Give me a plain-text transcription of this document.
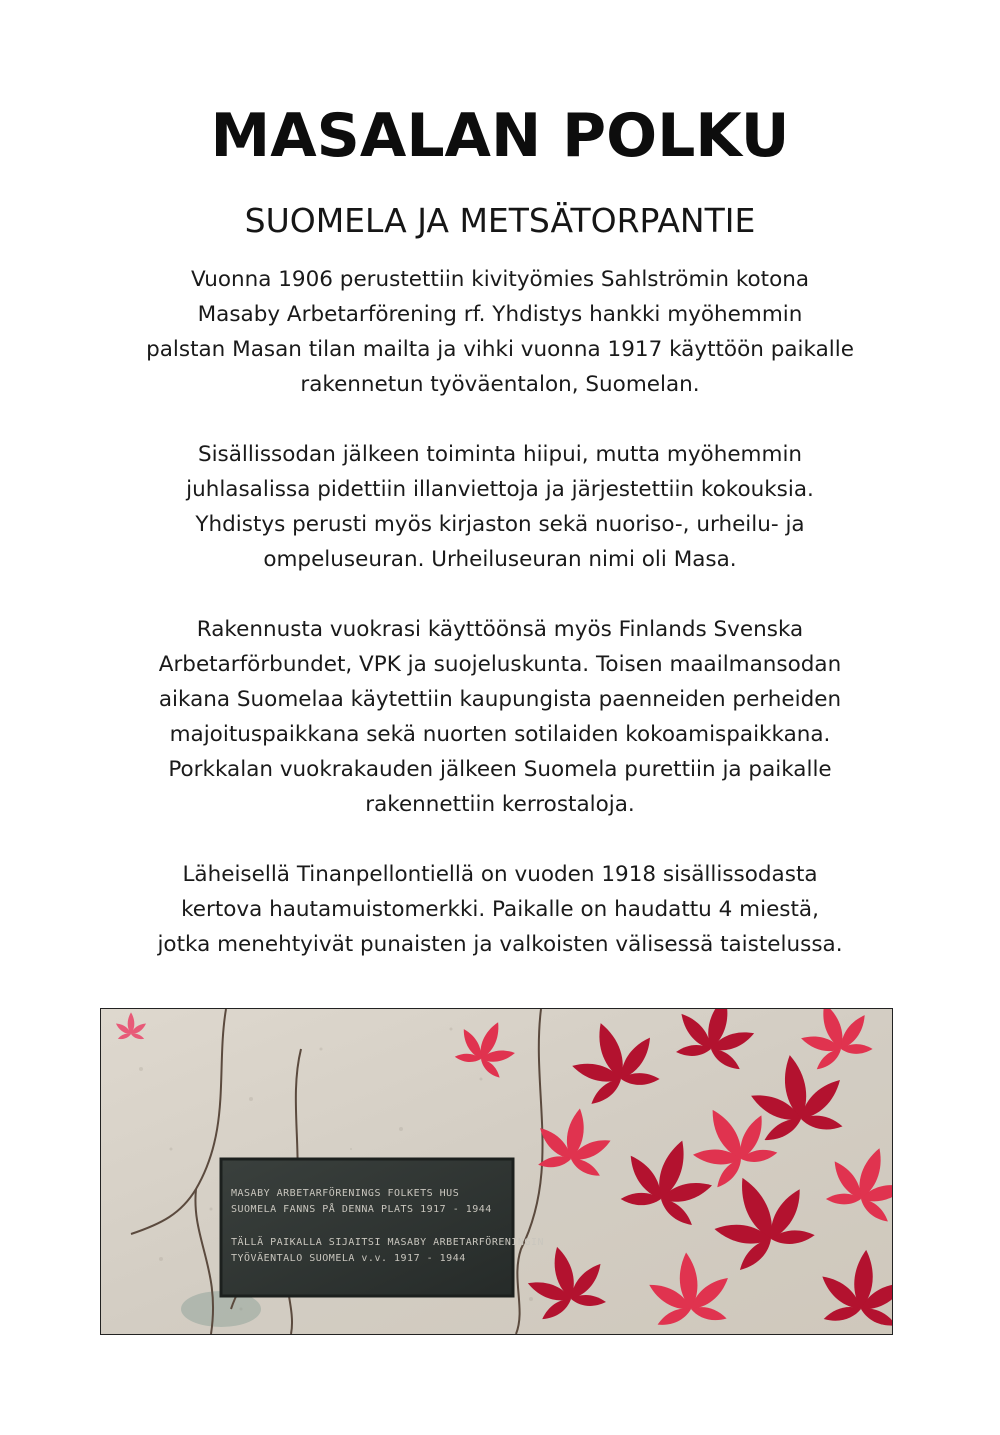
MASALAN POLKU
SUOMELA JA METSÄTORPANTIE

Vuonna 1906 perustettiin kivityömies Sahlströmin kotona
Masaby Arbetarförening rf. Yhdistys hankki myöhemmin
palstan Masan tilan mailta ja vihki vuonna 1917 käyttöön paikalle
rakennetun työväentalon, Suomelan.

Sisällissodan jälkeen toiminta hiipui, mutta myöhemmin
juhlasalissa pidettiin illanviettoja ja järjestettiin kokouksia.
Yhdistys perusti myös kirjaston sekä nuoriso-, urheilu- ja
ompeluseuran. Urheiluseuran nimi oli Masa.

Rakennusta vuokrasi käyttöönsä myös Finlands Svenska
Arbetarförbundet, VPK ja suojeluskunta. Toisen maailmansodan
aikana Suomelaa käytettiin kaupungista paenneiden perheiden
majoituspaikkana sekä nuorten sotilaiden kokoamispaikkana.
Porkkalan vuokrakauden jälkeen Suomela purettiin ja paikalle
rakennettiin kerrostaloja.

Läheisellä Tinanpellontiellä on vuoden 1918 sisällissodasta
kertova hautamuistomerkki. Paikalle on haudattu 4 miestä,
jotka menehtyivät punaisten ja valkoisten välisessä taistelussa.

MASABY ARBETARFÖRENINGS FOLKETS HUS
SUOMELA FANNS PÅ DENNA PLATS 1917 - 1944
TÄLLÄ PAIKALLA SIJAITSI MASABY ARBETARFÖRENINGIN
TYÖVÄENTALO SUOMELA v.v. 1917 - 1944
